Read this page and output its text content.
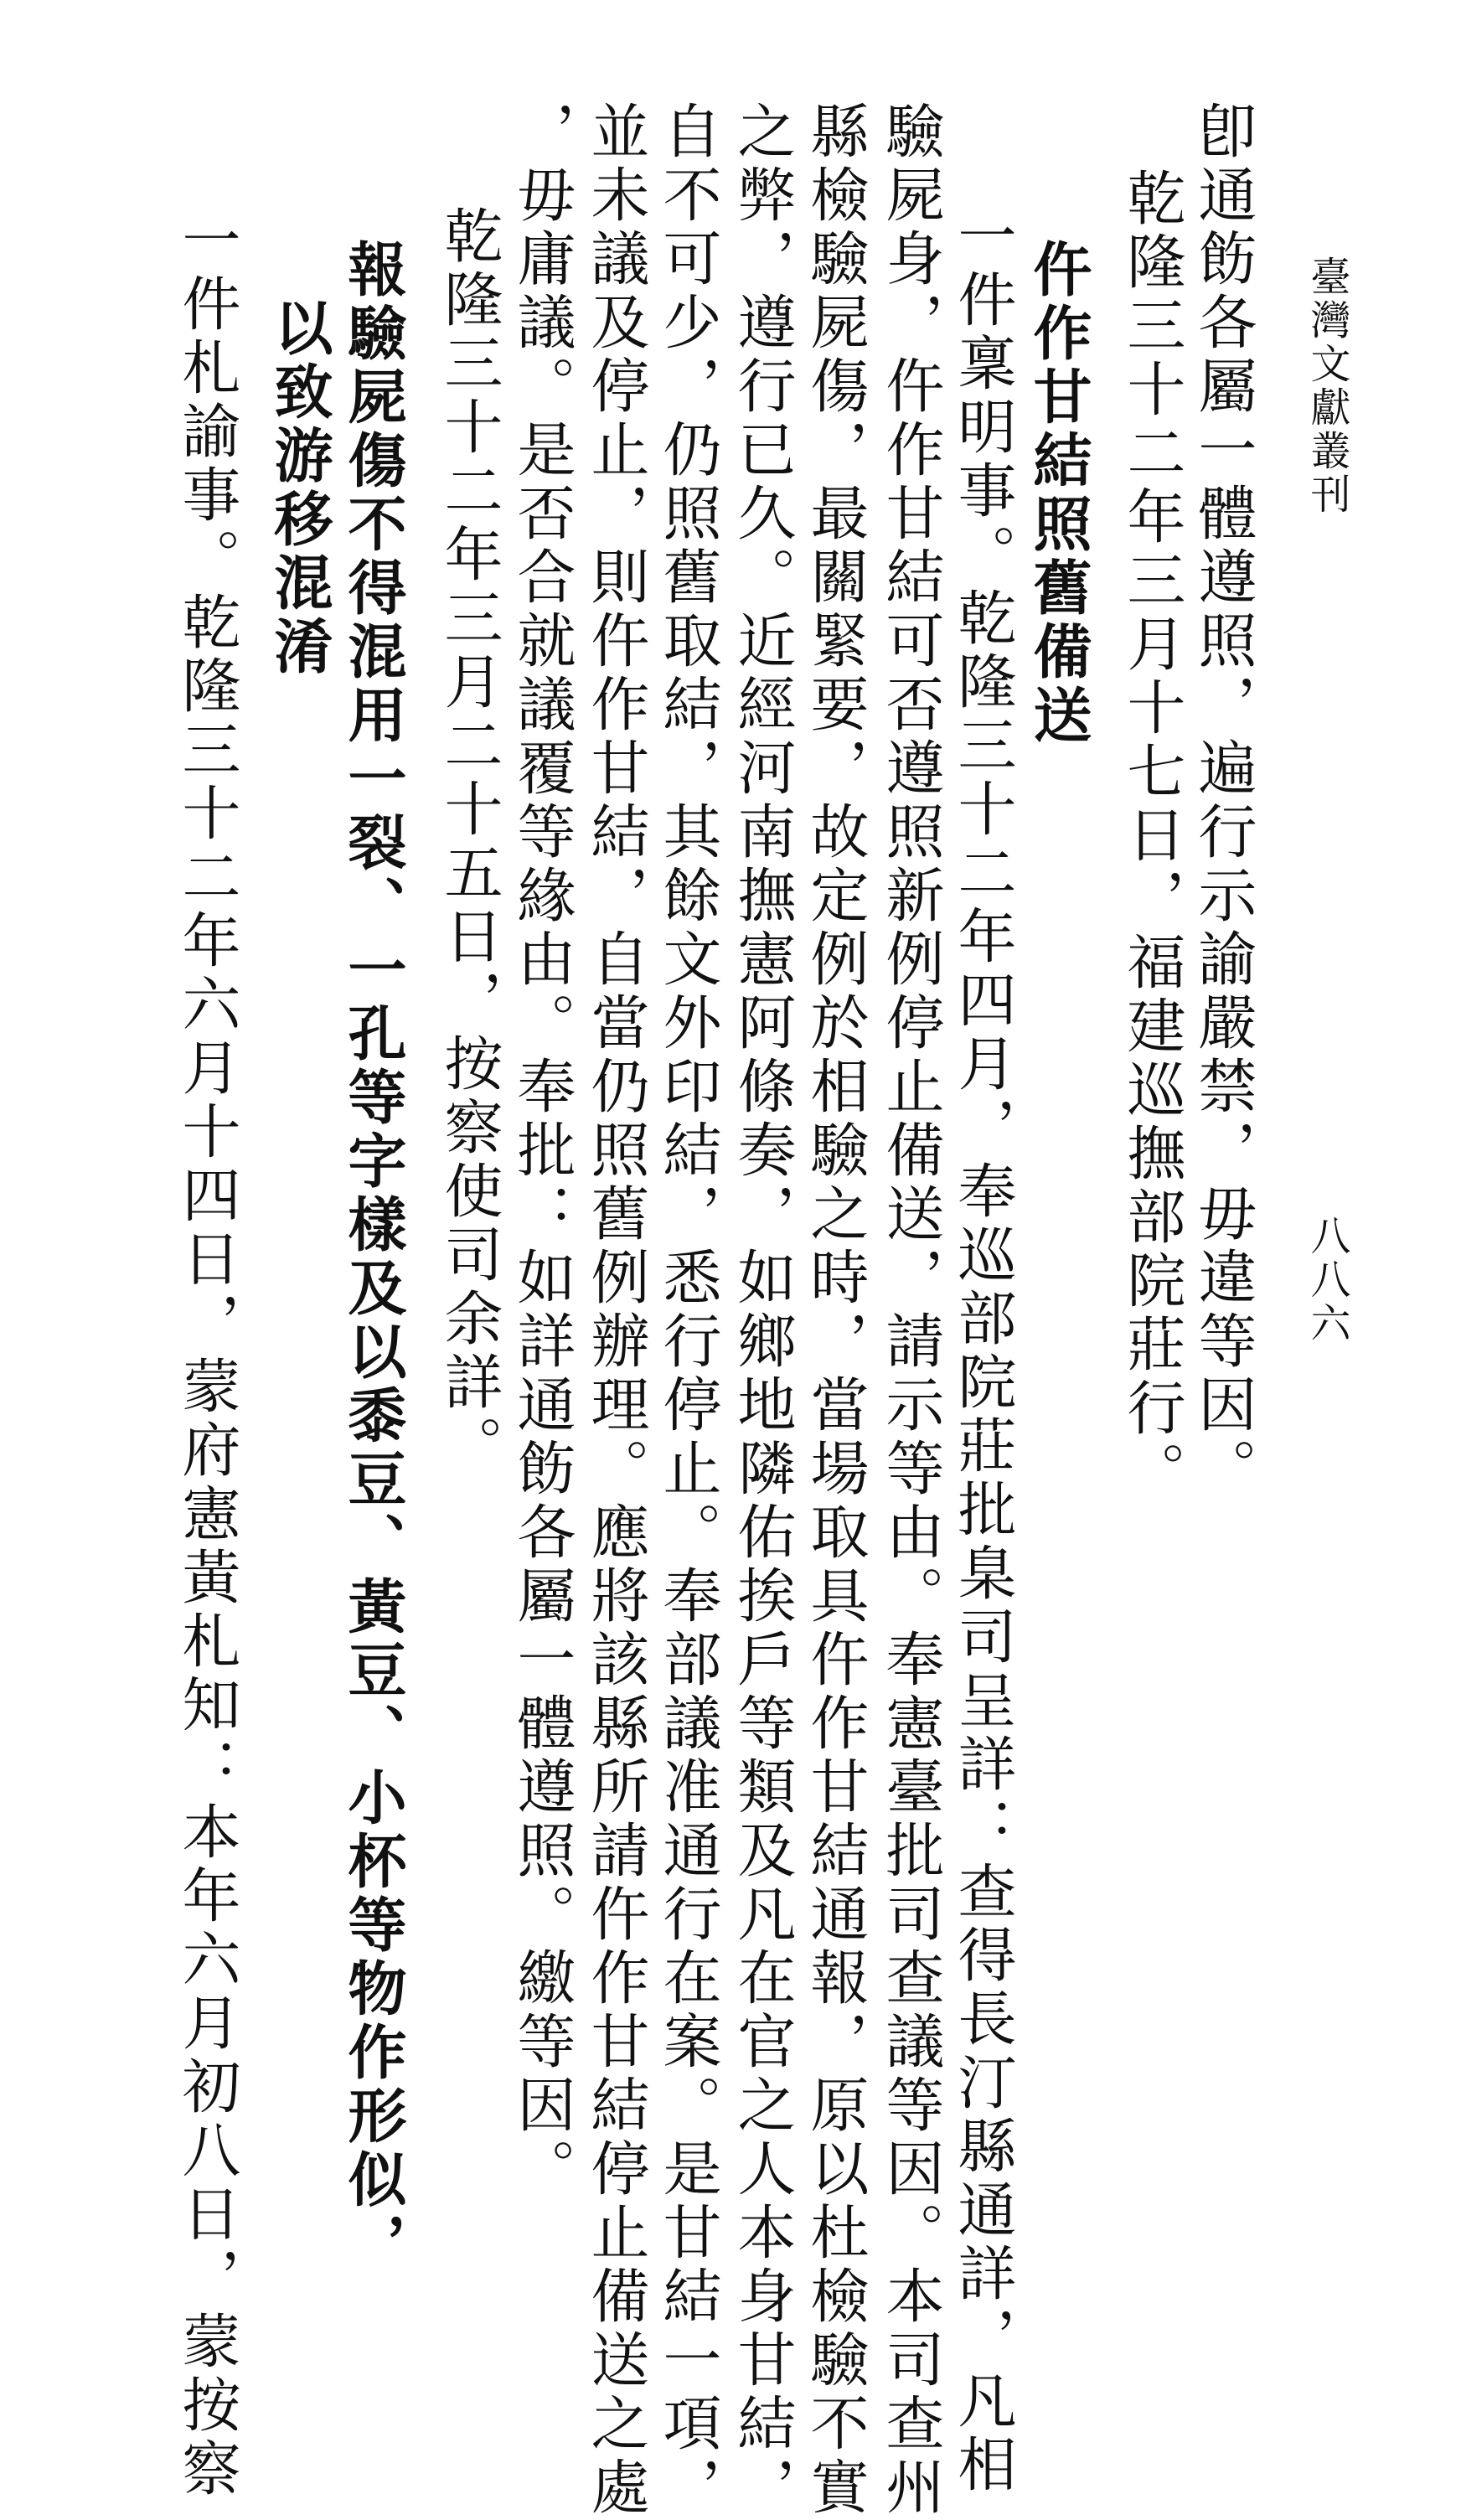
臺灣文獻叢刊
八八六
卽通飭各屬一體遵照，遍行示諭嚴禁，毋違等因。
乾隆三十二年三月十七日，福建巡撫部院莊行。
仵作甘結照舊備送
一件稟明事。乾隆三十二年四月，奉巡部院莊批臬司呈詳：查得長汀縣通詳，凡相
驗屍身，仵作甘結可否遵照新例停止備送，請示等由。奉憲臺批司查議等因。本司查州
縣檢驗屍傷，最關緊要，故定例於相驗之時，當場取具仵作甘結通報，原以杜檢驗不實
之弊，遵行已久。近經河南撫憲阿條奏，如鄉地隣佑挨戶等類及凡在官之人本身甘結，
自不可少，仍照舊取結，其餘文外印結，悉行停止。奉部議准通行在案。是甘結一項，
並未議及停止，則仵作甘結，自當仍照舊例辦理。應將該縣所請仵作甘結停止備送之處
，毋庸議。是否合就議覆等緣由。奉批：如詳通飭各屬一體遵照。繳等因。
乾隆三十二年三月二十五日，按察使司余詳。
報驗屍傷不得混用一裂、一孔等字樣及以黍豆、黃豆、小杯等物作形似，
以致游移混淆
一件札諭事。乾隆三十二年六月十四日，蒙府憲黃札知：本年六月初八日，蒙按察
